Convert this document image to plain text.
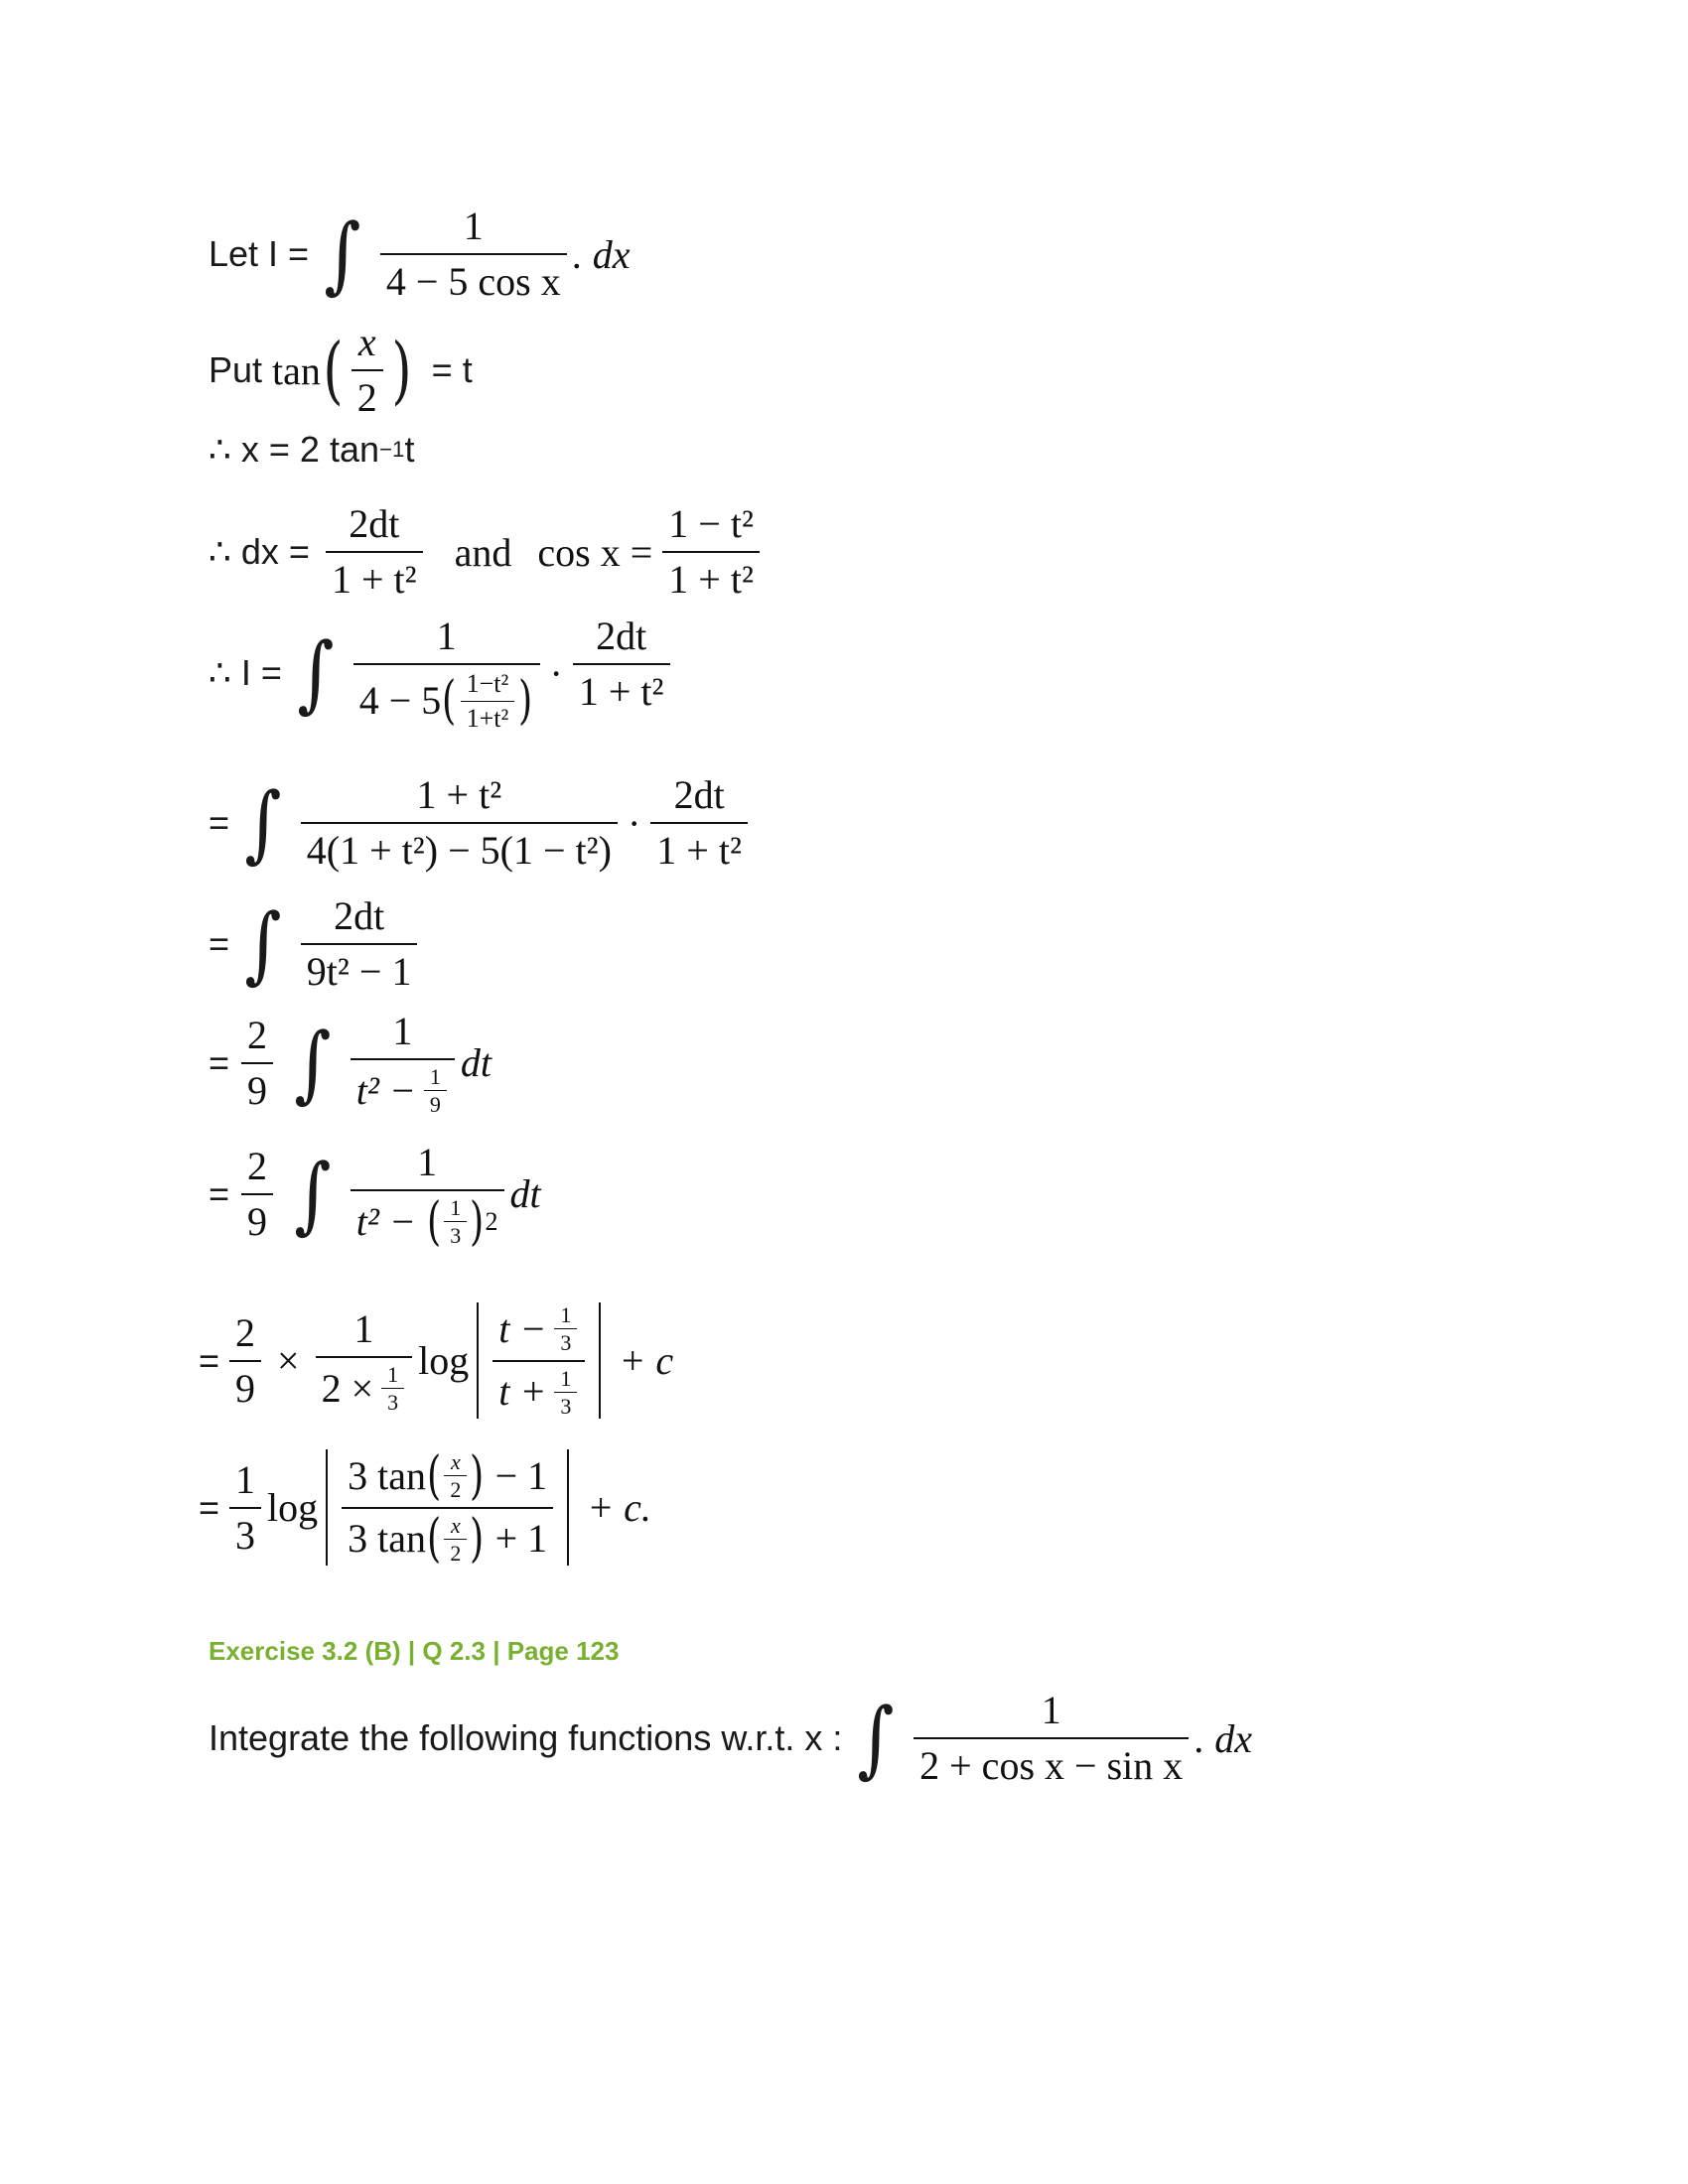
Let I = ∫ $\frac{1}{\text{4 − 5 cos x}}$ . dx
Put tan ( $\frac{x}{2}$ ) = t
∴ x = 2 tan −1 t
∴ dx = $\frac{2dt}{\text{1 + t²}}$ and $\cos x = \frac{\text{1 − t²}}{\text{1 + t²}}$
∴ I = ∫	1
4 − 5 ( $\frac{\text{1−t²}}{\text{1+t²}}$ ) · $\frac{2dt}{\text{1 + t²}}$
= ∫ $\frac{\text{1 + t²}}{\text{4(1 + t²) − 5(1 − t²)}} \cdot \frac{2dt}{\text{1 + t²}}$
= ∫ $\frac{2dt}{\text{9t² − 1}}$
= $\frac{2}{9}$ ∫ $\frac{1}{t^2 - \frac{1}{9}}$ dt
= $\frac{2}{9}$ ∫ 1
t² − ( $\frac{1}{3}$ ) 2
dt
= $\frac{2}{9} \times \frac{1}{2 \times \frac{1}{3}}$ $\log \frac{t - \frac{1}{3}}{t + \frac{1}{3}} + c$
= $\frac{1}{3}$ log
3 tan ( $\frac{x}{2}$ ) − 1
3 tan ( $\frac{x}{2}$ ) + 1
+ c.
Exercise 3.2 (B) | Q 2.3 | Page 123
Integrate the following functions w.r.t. x : ∫ $\frac{1}{\text{2 + cos x − sin x}}$ . dx
